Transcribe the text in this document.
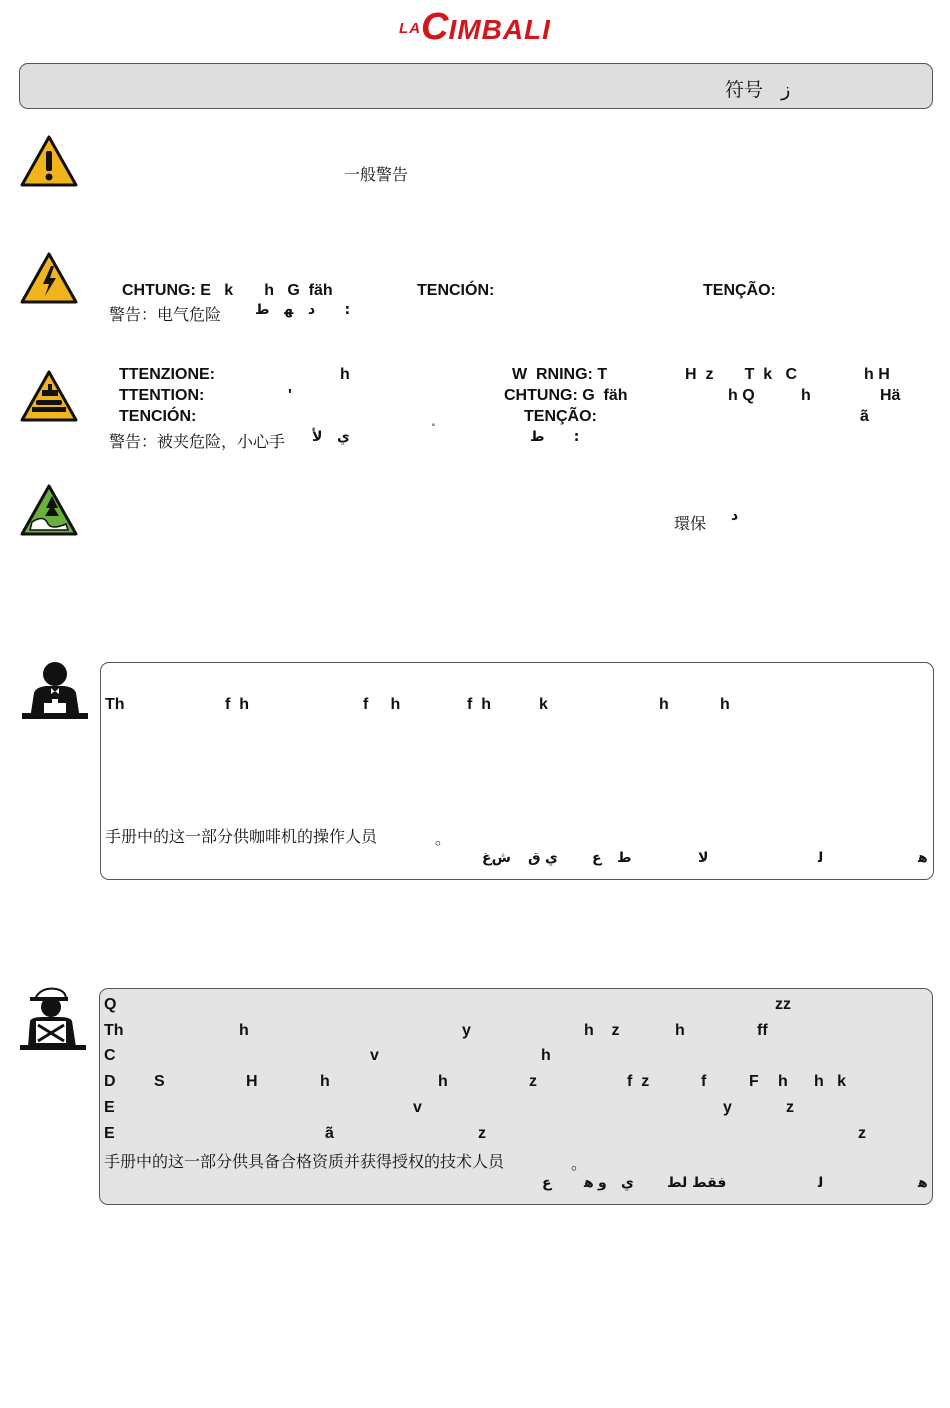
LACIMBALI
符号   ﺯ
一般警告
CHTUNG: E   k       h   G  fäh	TENCIÓN:	TENÇÃO:
警告：电气危险 ﺩ   ﻬ   ﻁ      :
TTENZIONE:	h	W  RNING: T	H  z       T  k   C	h H
TTENTION:	'	CHTUNG: G  fäh	h Q	h	Hä
TENCIÓN:	TENÇÃO:	ã
警告：被夹危险，小心手 ﻱ   ﻷ	˚	ﻁ      :
環保 ﺩ
Th	f  h	f     h	f  h	k	h	h
手册中的这一部分供咖啡机的操作人员	。
ﺵﻍ ﻕ ﻱ ﻉ ﻁ	ﻻ	ﻟ	ﻫ
Q	zz
Th	h	y	h    z	h	ff
C	v	h
D S	H	h	h	z	f  z	f	F h h   k
E	v	y	z
E	ã	z	z
手册中的这一部分供具备合格资质并获得授权的技术人员	。
ﻉ ﻫ ﻭ ﻱ ﻓﻘﻂ ﻟﻂ	ﻟ	ﻫ
